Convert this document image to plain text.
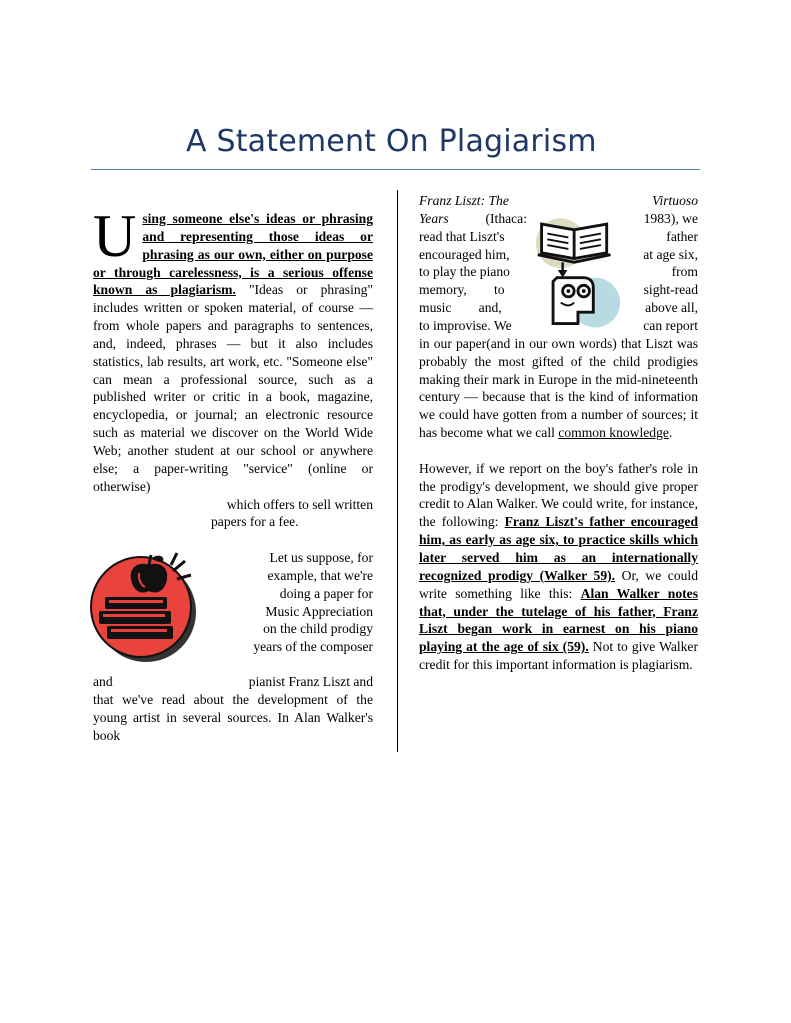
A Statement On Plagiarism

Using someone else's ideas or phrasing and representing those ideas or phrasing as our own, either on purpose or through carelessness, is a serious offense known as plagiarism. "Ideas or phrasing" includes written or spoken material, of course — from whole papers and paragraphs to sentences, and, indeed, phrases — but it also includes statistics, lab results, art work, etc. "Someone else" can mean a professional source, such as a published writer or critic in a book, magazine, encyclopedia, or journal; an electronic resource such as material we discover on the World Wide Web; another student at our school or anywhere else; a paper-writing "service" (online or otherwise)

which offers to sell written

papers for a fee.

Let us suppose, for

example, that we're

doing a paper for

Music Appreciation

on the child prodigy

years of the composer

and	pianist Franz Liszt and

that we've read about the development of the young artist in several sources. In Alan Walker's book

Franz Liszt: The	Virtuoso

Years	(Ithaca:

read that Liszt's

encouraged him,

to play the piano

memory,        to

music        and,

to improvise. We

1983), we

father

at age six,

from

sight-read

above all,

can report

in our paper(and in our own words) that Liszt was probably the most gifted of the child prodigies making their mark in Europe in the mid-nineteenth century — because that is the kind of information we could have gotten from a number of sources; it has become what we call common knowledge.

However, if we report on the boy's father's role in the prodigy's development, we should give proper credit to Alan Walker. We could write, for instance, the following: Franz Liszt's father encouraged him, as early as age six, to practice skills which later served him as an internationally recognized prodigy (Walker 59). Or, we could write something like this: Alan Walker notes that, under the tutelage of his father, Franz Liszt began work in earnest on his piano playing at the age of six (59). Not to give Walker credit for this important information is plagiarism.
